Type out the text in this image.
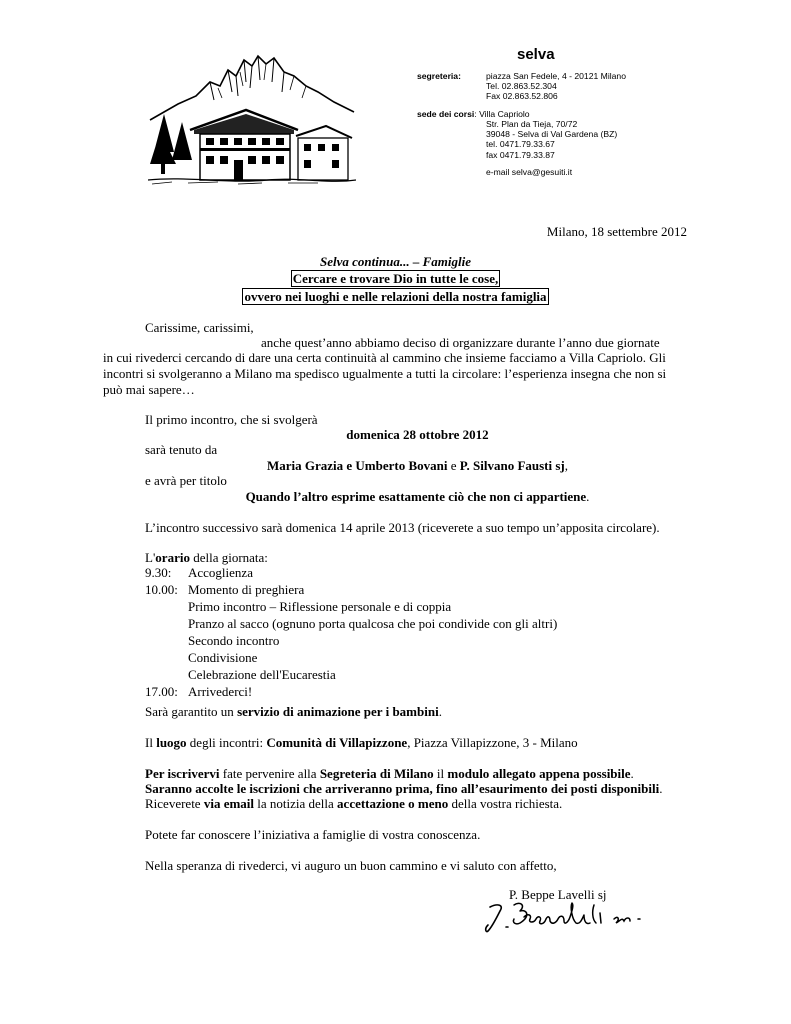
selva
segreteria:	piazza San Fedele, 4 - 20121 Milano
Tel. 02.863.52.304
Fax 02.863.52.806
sede dei corsi: Villa Capriolo
Str. Plan da Tieja, 70/72
39048 - Selva di Val Gardena (BZ)
tel. 0471.79.33.67
fax 0471.79.33.87
e-mail selva@gesuiti.it
Milano, 18 settembre 2012
Selva continua... – Famiglie
Cercare e trovare Dio in tutte le cose,
ovvero nei luoghi e nelle relazioni della nostra famiglia
Carissime, carissimi,
anche quest’anno abbiamo deciso di organizzare durante l’anno due giornate
in cui rivederci cercando di dare una certa continuità al cammino che insieme facciamo a Villa Capriolo. Gli
incontri si svolgeranno a Milano ma spedisco ugualmente a tutti la circolare: l’esperienza insegna che non si
può mai sapere…
Il primo incontro, che si svolgerà
domenica 28 ottobre 2012
sarà tenuto da
Maria Grazia e Umberto Bovani e P. Silvano Fausti sj,
e avrà per titolo
Quando l’altro esprime esattamente ciò che non ci appartiene.
L’incontro successivo sarà domenica 14 aprile 2013 (riceverete a suo tempo un’apposita circolare).
L'orario della giornata:
9.30: Accoglienza
10.00: Momento di preghiera
Primo incontro – Riflessione personale e di coppia
Pranzo al sacco (ognuno porta qualcosa che poi condivide con gli altri)
Secondo incontro
Condivisione
Celebrazione dell'Eucarestia
17.00: Arrivederci!
Sarà garantito un servizio di animazione per i bambini.
Il luogo degli incontri: Comunità di Villapizzone, Piazza Villapizzone, 3 - Milano
Per iscrivervi fate pervenire alla Segreteria di Milano il modulo allegato appena possibile.
Saranno accolte le iscrizioni che arriveranno prima, fino all’esaurimento dei posti disponibili.
Riceverete via email la notizia della accettazione o meno della vostra richiesta.
Potete far conoscere l’iniziativa a famiglie di vostra conoscenza.
Nella speranza di rivederci, vi auguro un buon cammino e vi saluto con affetto,
P. Beppe Lavelli sj
